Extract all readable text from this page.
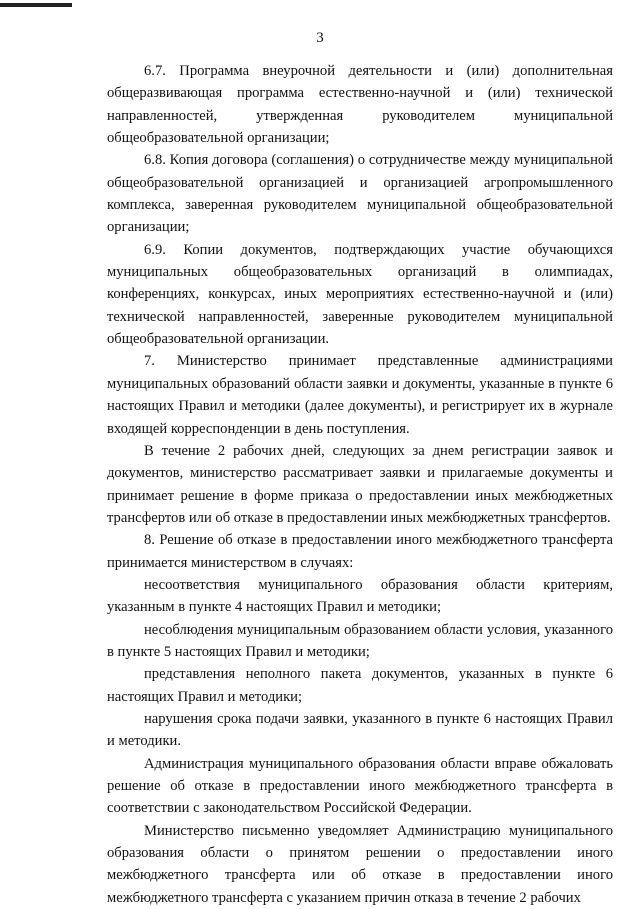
3

6.7. Программа внеурочной деятельности и (или) дополнительная общеразвивающая программа естественно-научной и (или) технической направленностей, утвержденная руководителем муниципальной общеобразовательной организации;

6.8. Копия договора (соглашения) о сотрудничестве между муниципальной общеобразовательной организацией и организацией агропромышленного комплекса, заверенная руководителем муниципальной общеобразовательной организации;

6.9. Копии документов, подтверждающих участие обучающихся муниципальных общеобразовательных организаций в олимпиадах, конференциях, конкурсах, иных мероприятиях естественно-научной и (или) технической направленностей, заверенные руководителем муниципальной общеобразовательной организации.

7. Министерство принимает представленные администрациями муниципальных образований области заявки и документы, указанные в пункте 6 настоящих Правил и методики (далее документы), и регистрирует их в журнале входящей корреспонденции в день поступления.

В течение 2 рабочих дней, следующих за днем регистрации заявок и документов, министерство рассматривает заявки и прилагаемые документы и принимает решение в форме приказа о предоставлении иных межбюджетных трансфертов или об отказе в предоставлении иных межбюджетных трансфертов.

8. Решение об отказе в предоставлении иного межбюджетного трансферта принимается министерством в случаях:

несоответствия муниципального образования области критериям, указанным в пункте 4 настоящих Правил и методики;

несоблюдения муниципальным образованием области условия, указанного в пункте 5 настоящих Правил и методики;

представления неполного пакета документов, указанных в пункте 6 настоящих Правил и методики;

нарушения срока подачи заявки, указанного в пункте 6 настоящих Правил и методики.

Администрация муниципального образования области вправе обжаловать решение об отказе в предоставлении иного межбюджетного трансферта в соответствии с законодательством Российской Федерации.

Министерство письменно уведомляет Администрацию муниципального образования области о принятом решении о предоставлении иного межбюджетного трансферта или об отказе в предоставлении иного межбюджетного трансферта с указанием причин отказа в течение 2 рабочих
